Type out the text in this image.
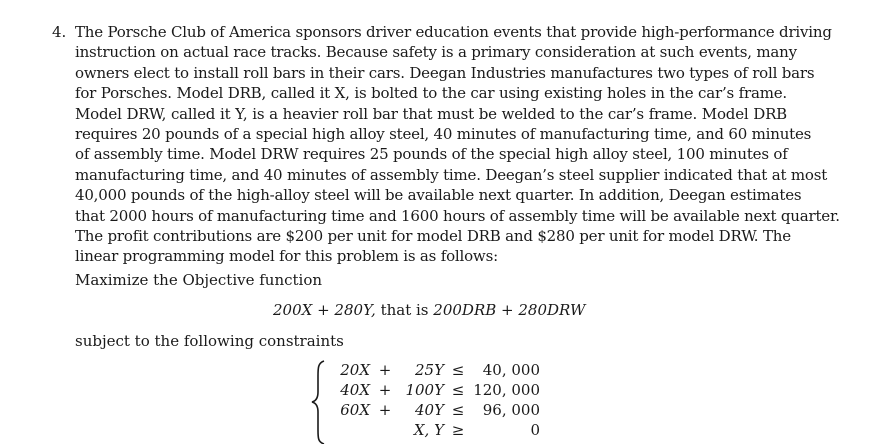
4. The Porsche Club of America sponsors driver education events that provide high-performance driving
instruction on actual race tracks. Because safety is a primary consideration at such events, many
owners elect to install roll bars in their cars. Deegan Industries manufactures two types of roll bars
for Porsches. Model DRB, called it X, is bolted to the car using existing holes in the car’s frame.
Model DRW, called it Y, is a heavier roll bar that must be welded to the car’s frame. Model DRB
requires 20 pounds of a special high alloy steel, 40 minutes of manufacturing time, and 60 minutes
of assembly time. Model DRW requires 25 pounds of the special high alloy steel, 100 minutes of
manufacturing time, and 40 minutes of assembly time. Deegan’s steel supplier indicated that at most
40,000 pounds of the high-alloy steel will be available next quarter. In addition, Deegan estimates
that 2000 hours of manufacturing time and 1600 hours of assembly time will be available next quarter.
The profit contributions are $200 per unit for model DRB and $280 per unit for model DRW. The
linear programming model for this problem is as follows:
Maximize the Objective function
200X + 280Y, that is 200DRB + 280DRW
subject to the following constraints
20X +	25Y ≤	40, 000
40X + 100Y ≤ 120, 000
60X +	40Y ≤	96, 000
X, Y ≥	0
